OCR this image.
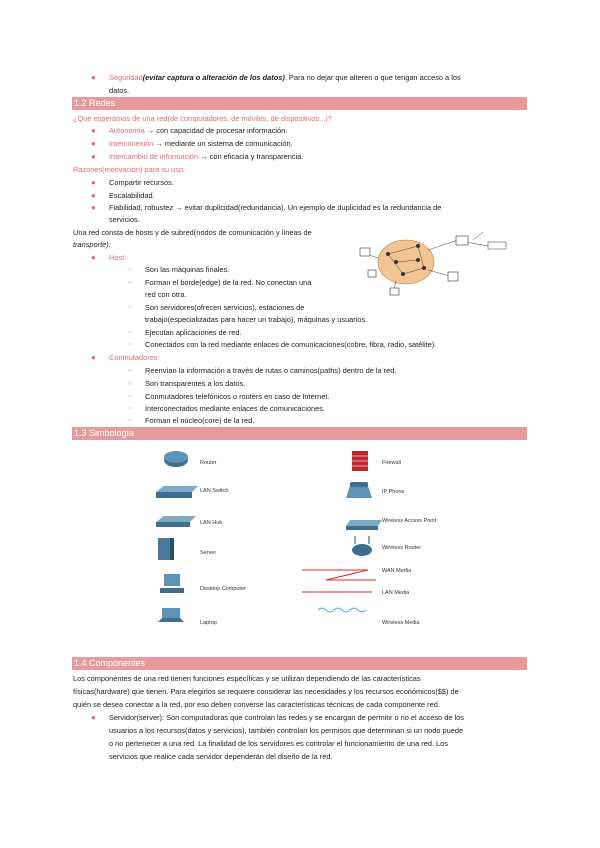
● Seguridad(evitar captura o alteración de los datos). Para no dejar que alteren o que tengan acceso a los
datos.
1.2 Redes
¿Qué esperamos de una red(de computadores, de móviles, de dispositivos...)?
● Autonomía → con capacidad de procesar información.
● Interconexión → mediante un sistema de comunicación.
● Intercambio de información → con eficacia y transparencia.
Razones(motivación) para su uso:
● Compartir recursos.
● Escalabilidad.
● Fiabilidad, robustez → evitar duplicidad(redundancia). Un ejemplo de duplicidad es la redundancia de
servicios.
Una red consta de hosts y de subred(nodos de comunicación y líneas de
transporte):
● Host:
○ Son las máquinas finales.
○ Forman el borde(edge) de la red. No conectan una
red con otra.
○ Son servidores(ofrecen servicios), estaciones de
trabajo(especializadas para hacer un trabajo), máquinas y usuarios.
○ Ejecutan aplicaciones de red.
○ Conectados con la red mediante enlaces de comunicaciones(cobre, fibra, radio, satélite).
● Conmutadores:
○ Reenvían la información a través de rutas o caminos(paths) dentro de la red.
○ Son transparentes a los datos.
○ Conmutadores telefónicos o routers en caso de Internet.
○ Interconectados mediante enlaces de comunicaciones.
○ Forman el núcleo(core) de la red.
1.3 Simbología
Router
LAN Switch
LAN Hub
Server
Desktop Computer
Laptop
Firewall
IP Phone
Wireless Access Point
Wireless Router
WAN Media
LAN Media
Wireless Media
1.4 Componentes
Los componentes de una red tienen funciones específicas y se utilizan dependiendo de las características
físicas(hardware) que tienen. Para elegirlos se requiere considerar las necesidades y los recursos económicos($$) de
quién se desea conectar a la red, por eso deben converse las características técnicas de cada componente red.
● Servidor(server): Son computadoras que controlan las redes y se encargan de permitir o no el acceso de los
usuarios a los recursos(datos y servicios), también controlan los permisos que determinan si un nodo puede
o no pertenecer a una red. La finalidad de los servidores es controlar el funcionamiento de una red. Los
servicios que realice cada servidor dependerán del diseño de la red.
